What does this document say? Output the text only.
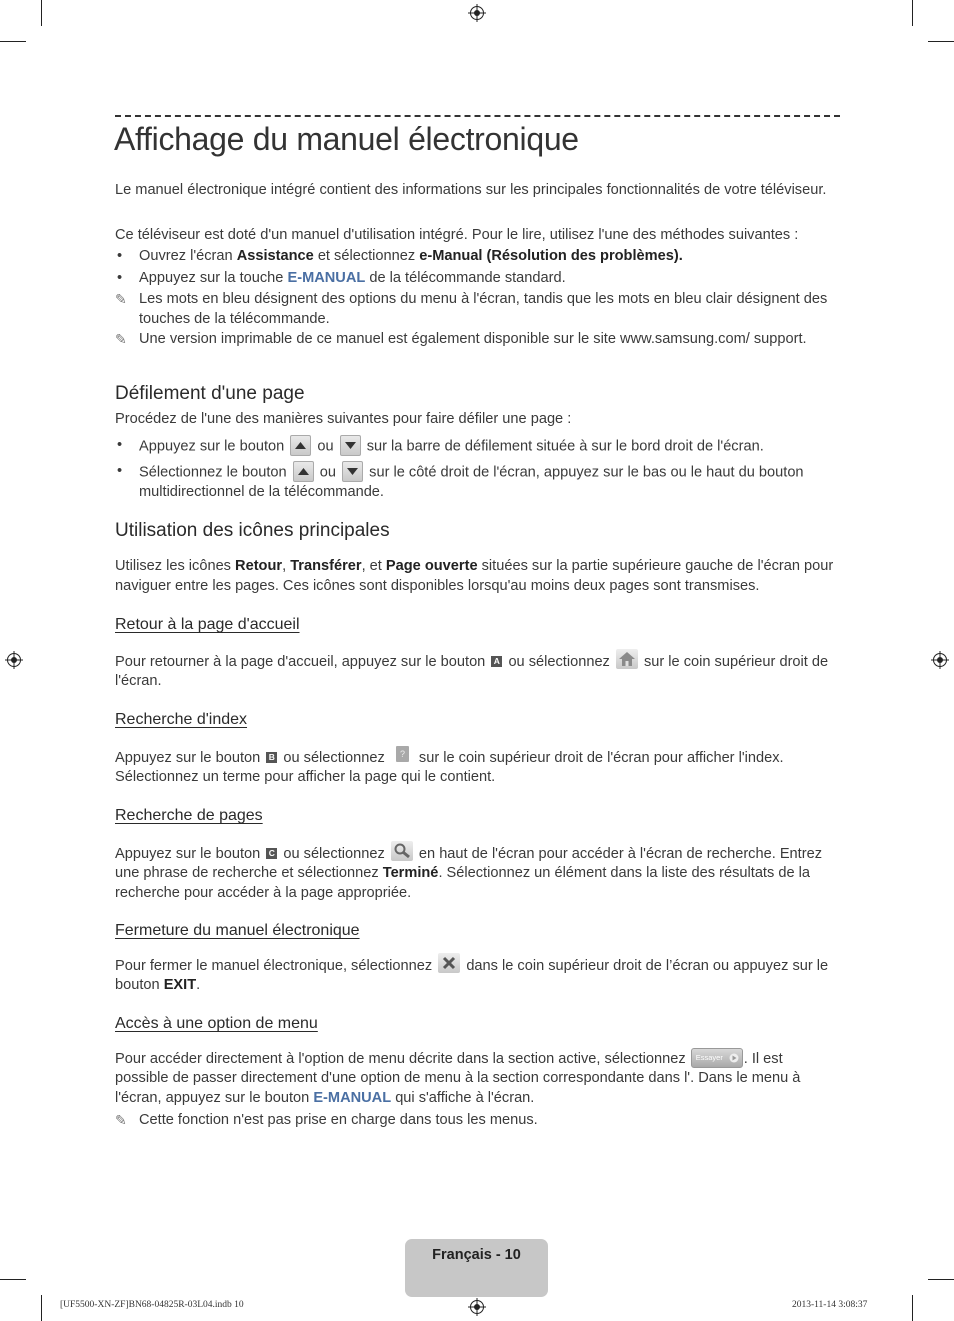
Affichage du manuel électronique
Le manuel électronique intégré contient des informations sur les principales fonctionnalités de votre téléviseur.
Ce téléviseur est doté d'un manuel d'utilisation intégré. Pour le lire, utilisez l'une des méthodes suivantes :
• Ouvrez l'écran Assistance et sélectionnez e-Manual (Résolution des problèmes).
• Appuyez sur la touche E-MANUAL de la télécommande standard.
✎ Les mots en bleu désignent des options du menu à l'écran, tandis que les mots en bleu clair désignent des touches de la télécommande.
✎ Une version imprimable de ce manuel est également disponible sur le site www.samsung.com/ support.
Défilement d'une page
Procédez de l'une des manières suivantes pour faire défiler une page :
• Appuyez sur le bouton ou sur la barre de défilement située à sur le bord droit de l'écran.
• Sélectionnez le bouton ou sur le côté droit de l'écran, appuyez sur le bas ou le haut du bouton multidirectionnel de la télécommande.
Utilisation des icônes principales
Utilisez les icônes Retour, Transférer, et Page ouverte situées sur la partie supérieure gauche de l'écran pour naviguer entre les pages. Ces icônes sont disponibles lorsqu'au moins deux pages sont transmises.
Retour à la page d'accueil
Pour retourner à la page d'accueil, appuyez sur le bouton A ou sélectionnez sur le coin supérieur droit de l'écran.
Recherche d'index
Appuyez sur le bouton B ou sélectionnez ? sur le coin supérieur droit de l'écran pour afficher l'index. Sélectionnez un terme pour afficher la page qui le contient.
Recherche de pages
Appuyez sur le bouton C ou sélectionnez en haut de l'écran pour accéder à l'écran de recherche. Entrez une phrase de recherche et sélectionnez Terminé. Sélectionnez un élément dans la liste des résultats de la recherche pour accéder à la page appropriée.
Fermeture du manuel électronique
Pour fermer le manuel électronique, sélectionnez dans le coin supérieur droit de l’écran ou appuyez sur le bouton EXIT.
Accès à une option de menu
Pour accéder directement à l'option de menu décrite dans la section active, sélectionnez Essayer . Il est possible de passer directement d'une option de menu à la section correspondante dans l'. Dans le menu à l'écran, appuyez sur le bouton E-MANUAL qui s'affiche à l'écran.
✎ Cette fonction n'est pas prise en charge dans tous les menus.
Français - 10
[UF5500-XN-ZF]BN68-04825R-03L04.indb 10	2013-11-14 3:08:37
